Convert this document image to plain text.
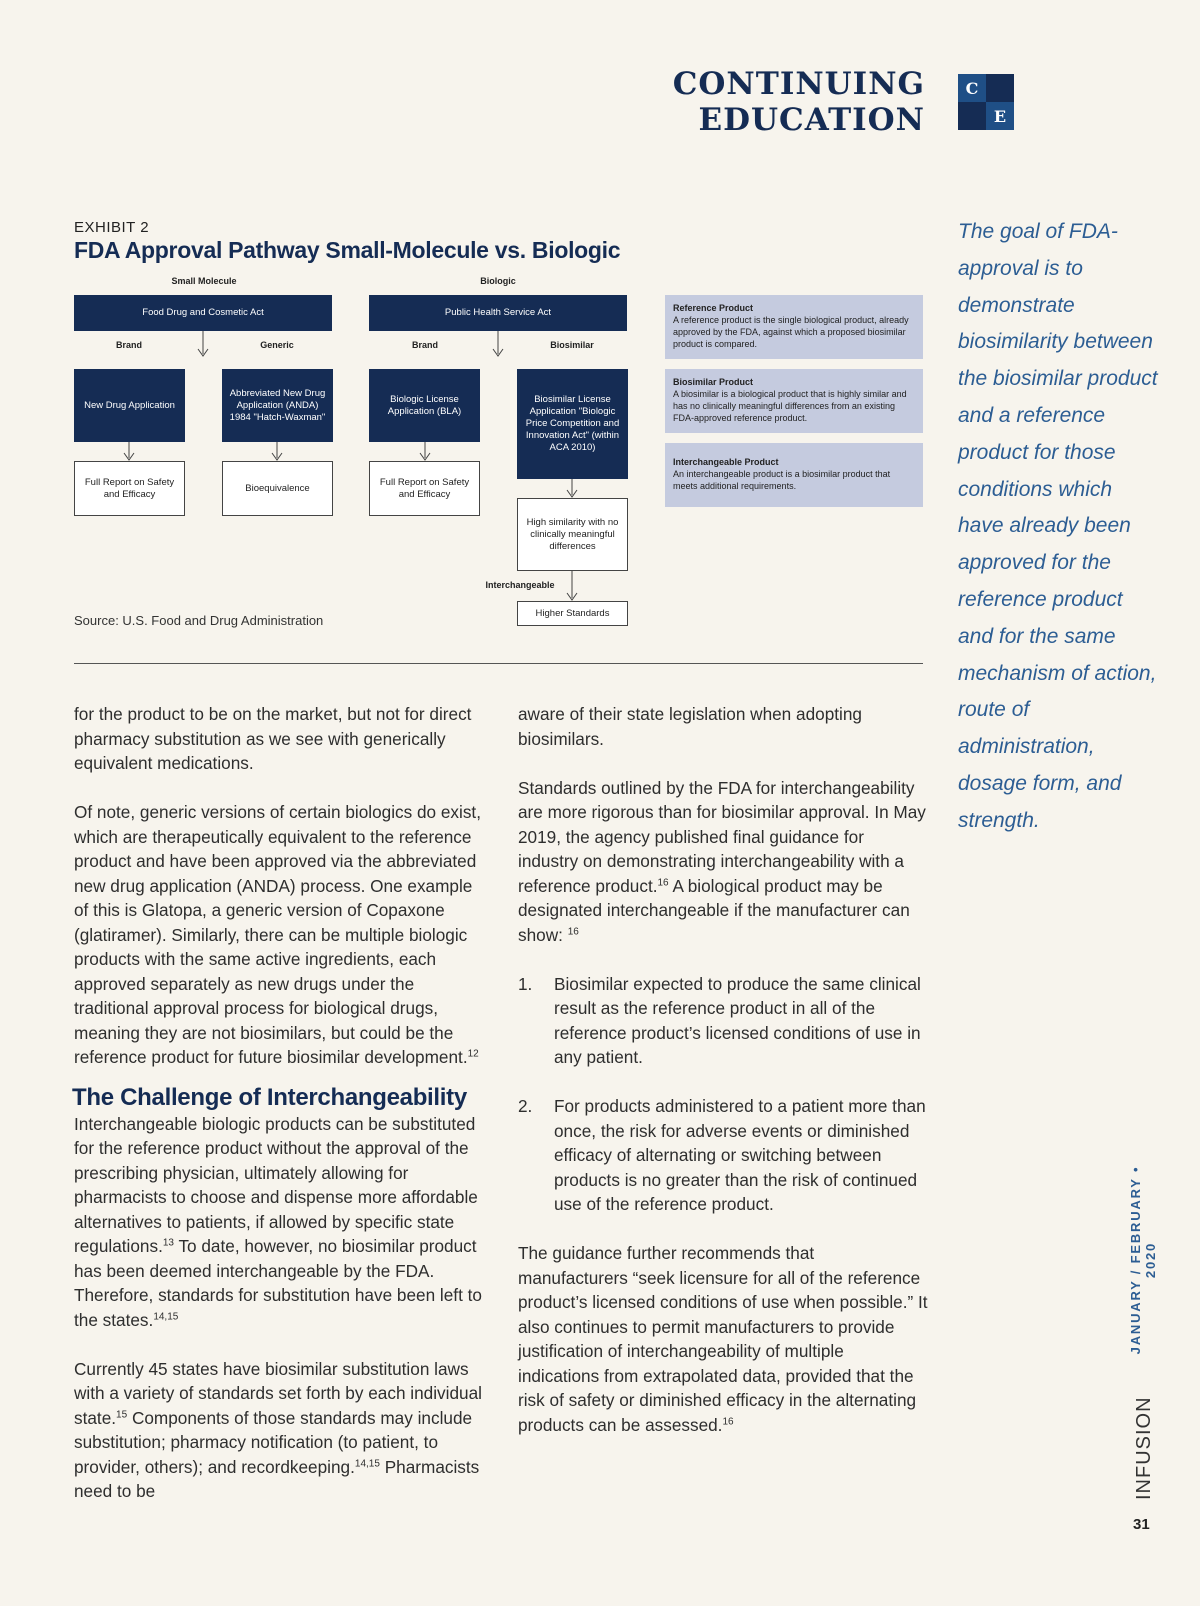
CONTINUING EDUCATION
C
E
EXHIBIT 2
FDA Approval Pathway Small-Molecule vs. Biologic
Small Molecule
Food Drug and Cosmetic Act
Brand	Generic
New Drug Application
Abbreviated New Drug Application (ANDA) 1984 "Hatch-Waxman"
Full Report on Safety and Efficacy
Bioequivalence
Biologic
Public Health Service Act
Brand	Biosimilar
Biologic License Application (BLA)
Biosimilar License Application "Biologic Price Competition and Innovation Act" (within ACA 2010)
Full Report on Safety and Efficacy
High similarity with no clinically meaningful differences
Interchangeable
Higher Standards
Reference Product
A reference product is the single biological product, already approved by the FDA, against which a proposed biosimilar product is compared.
Biosimilar Product
A biosimilar is a biological product that is highly similar and has no clinically meaningful differences from an existing FDA-approved reference product.
Interchangeable Product
An interchangeable product is a biosimilar product that meets additional requirements.
Source: U.S. Food and Drug Administration

for the product to be on the market, but not for direct pharmacy substitution as we see with generically equivalent medications.

Of note, generic versions of certain biologics do exist, which are therapeutically equivalent to the reference product and have been approved via the abbreviated new drug application (ANDA) process. One example of this is Glatopa, a generic version of Copaxone (glatiramer). Similarly, there can be multiple biologic products with the same active ingredients, each approved separately as new drugs under the traditional approval process for biological drugs, meaning they are not biosimilars, but could be the reference product for future biosimilar development.$^{12}$

The Challenge of Interchangeability

Interchangeable biologic products can be substituted for the reference product without the approval of the prescribing physician, ultimately allowing for pharmacists to choose and dispense more affordable alternatives to patients, if allowed by specific state regulations.$^{13}$ To date, however, no biosimilar product has been deemed interchangeable by the FDA. Therefore, standards for substitution have been left to the states.$^{14,15}$

Currently 45 states have biosimilar substitution laws with a variety of standards set forth by each individual state.$^{15}$ Components of those standards may include substitution; pharmacy notification (to patient, to provider, others); and recordkeeping.$^{14,15}$ Pharmacists need to be

aware of their state legislation when adopting biosimilars.

Standards outlined by the FDA for interchangeability are more rigorous than for biosimilar approval. In May 2019, the agency published final guidance for industry on demonstrating interchangeability with a reference product.$^{16}$ A biological product may be designated interchangeable if the manufacturer can show: $^{16}$

1.	Biosimilar expected to produce the same clinical result as the reference product in all of the reference product’s licensed conditions of use in any patient.
2.	For products administered to a patient more than once, the risk for adverse events or diminished efficacy of alternating or switching between products is no greater than the risk of continued use of the reference product.

The guidance further recommends that manufacturers “seek licensure for all of the reference product’s licensed conditions of use when possible.” It also continues to permit manufacturers to provide justification of interchangeability of multiple indications from extrapolated data, provided that the risk of safety or diminished efficacy in the alternating products can be assessed.$^{16}$

The goal of FDA-approval is to demonstrate biosimilarity between the biosimilar product and a reference product for those conditions which have already been approved for the reference product and for the same mechanism of action, route of administration, dosage form, and strength.
JANUARY / FEBRUARY • 2020
INFUSION
31
